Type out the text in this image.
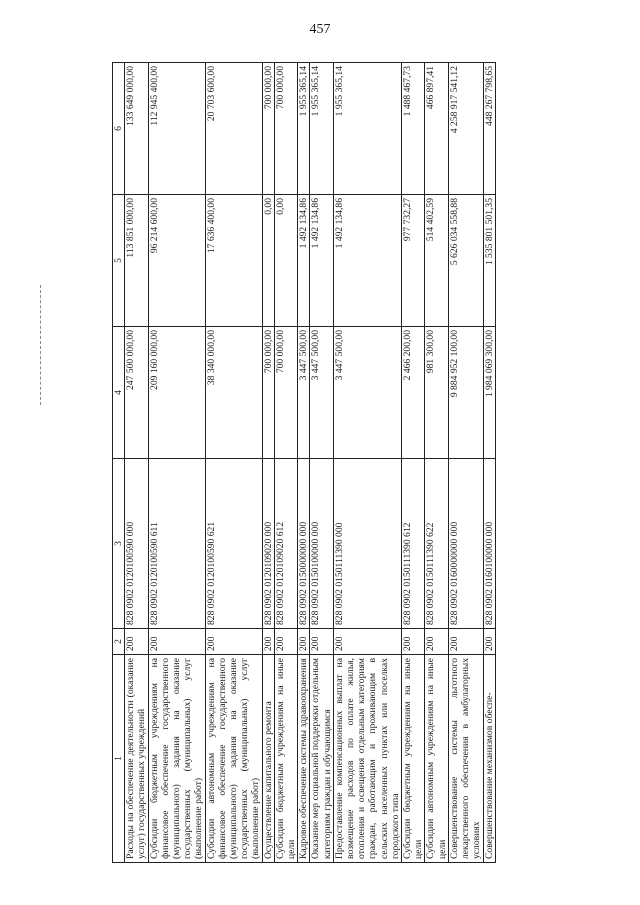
457
1	2	3	4	5	6
Расходы на обеспечение деятельности (оказание услуг) государственных учреждений	200	828 0902 0120100590 000	247 500 000,00	113 851 000,00	133 649 000,00
Субсидии бюджетным учреждениям на финансовое обеспечение государственного (муниципального) задания на оказание государственных (муниципальных) услуг (выполнение работ)	200	828 0902 0120100590 611	209 160 000,00	96 214 600,00	112 945 400,00
Субсидии автономным учреждениям на финансовое обеспечение государственного (муниципального) задания на оказание государственных (муниципальных) услуг (выполнение работ)	200	828 0902 0120100590 621	38 340 000,00	17 636 400,00	20 703 600,00
Осуществление капитального ремонта	200	828 0902 0120109020 000	700 000,00	0,00	700 000,00
Субсидии бюджетным учреждениям на иные цели	200	828 0902 0120109020 612	700 000,00	0,00	700 000,00
Кадровое обеспечение системы здравоохранения	200	828 0902 0150000000 000	3 447 500,00	1 492 134,86	1 955 365,14
Оказание мер социальной поддержки отдельным категориям граждан и обучающимся	200	828 0902 0150100000 000	3 447 500,00	1 492 134,86	1 955 365,14
Предоставление компенсационных выплат на возмещение расходов по оплате жилья, отопления и освещения отдельным категориям граждан, работающим и проживающим в сельских населенных пунктах или поселках городского типа	200	828 0902 0150111390 000	3 447 500,00	1 492 134,86	1 955 365,14
Субсидии бюджетным учреждениям на иные цели	200	828 0902 0150111390 612	2 466 200,00	977 732,27	1 488 467,73
Субсидии автономным учреждениям на иные цели	200	828 0902 0150111390 622	981 300,00	514 402,59	466 897,41
Совершенствование системы льготного лекарственного обеспечения в амбулаторных условиях	200	828 0902 0160000000 000	9 884 952 100,00	5 626 034 558,88	4 258 917 541,12
Совершенствование механизмов обеспе-	200	828 0902 0160100000 000	1 984 069 300,00	1 535 801 501,35	448 267 798,65
